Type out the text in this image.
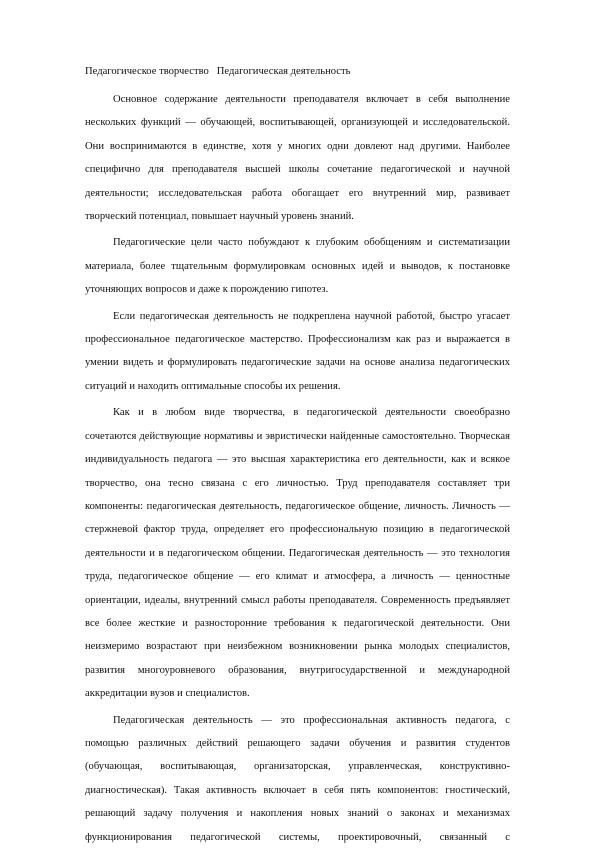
Педагогическое творчество   Педагогическая деятельность

Основное содержание деятельности преподавателя включает в себя выполнение нескольких функций — обучающей, воспитывающей, организующей и исследовательской. Они воспринимаются в единстве, хотя у многих одни довлеют над другими. Наиболее специфично для преподавателя высшей школы сочетание педагогической и научной деятельности; исследовательская работа обогащает его внутренний мир, развивает творческий потенциал, повышает научный уровень знаний.

Педагогические цели часто побуждают к глубоким обобщениям и систематизации материала, более тщательным формулировкам основных идей и выводов, к постановке уточняющих вопросов и даже к порождению гипотез.

Если педагогическая деятельность не подкреплена научной работой, быстро угасает профессиональное педагогическое мастерство. Профессионализм как раз и выражается в умении видеть и формулировать педагогические задачи на основе анализа педагогических ситуаций и находить оптимальные способы их решения.

Как и в любом виде творчества, в педагогической деятельности своеобразно сочетаются действующие нормативы и эвристически найденные самостоятельно. Творческая индивидуальность педагога — это высшая характеристика его деятельности, как и всякое творчество, она тесно связана с его личностью. Труд преподавателя составляет три компоненты: педагогическая деятельность, педагогическое общение, личность. Личность — стержневой фактор труда, определяет его профессиональную позицию в педагогической деятельности и в педагогическом общении. Педагогическая деятельность — это технология труда, педагогическое общение — его климат и атмосфера, а личность — ценностные ориентации, идеалы, внутренний смысл работы преподавателя. Современность предъявляет все более жесткие и разносторонние требования к педагогической деятельности. Они неизмеримо возрастают при неизбежном возникновении рынка молодых специалистов, развития многоуровневого образования, внутригосударственной и международной аккредитации вузов и специалистов.

Педагогическая деятельность — это профессиональная активность педагога, с помощью различных действий решающего задачи обучения и развития студентов (обучающая, воспитывающая, организаторская, управленческая, конструктивно-диагностическая). Такая активность включает в себя пять компонентов: гностический, решающий задачу получения и накопления новых знаний о законах и механизмах функционирования педагогической системы, проектировочный, связанный с
